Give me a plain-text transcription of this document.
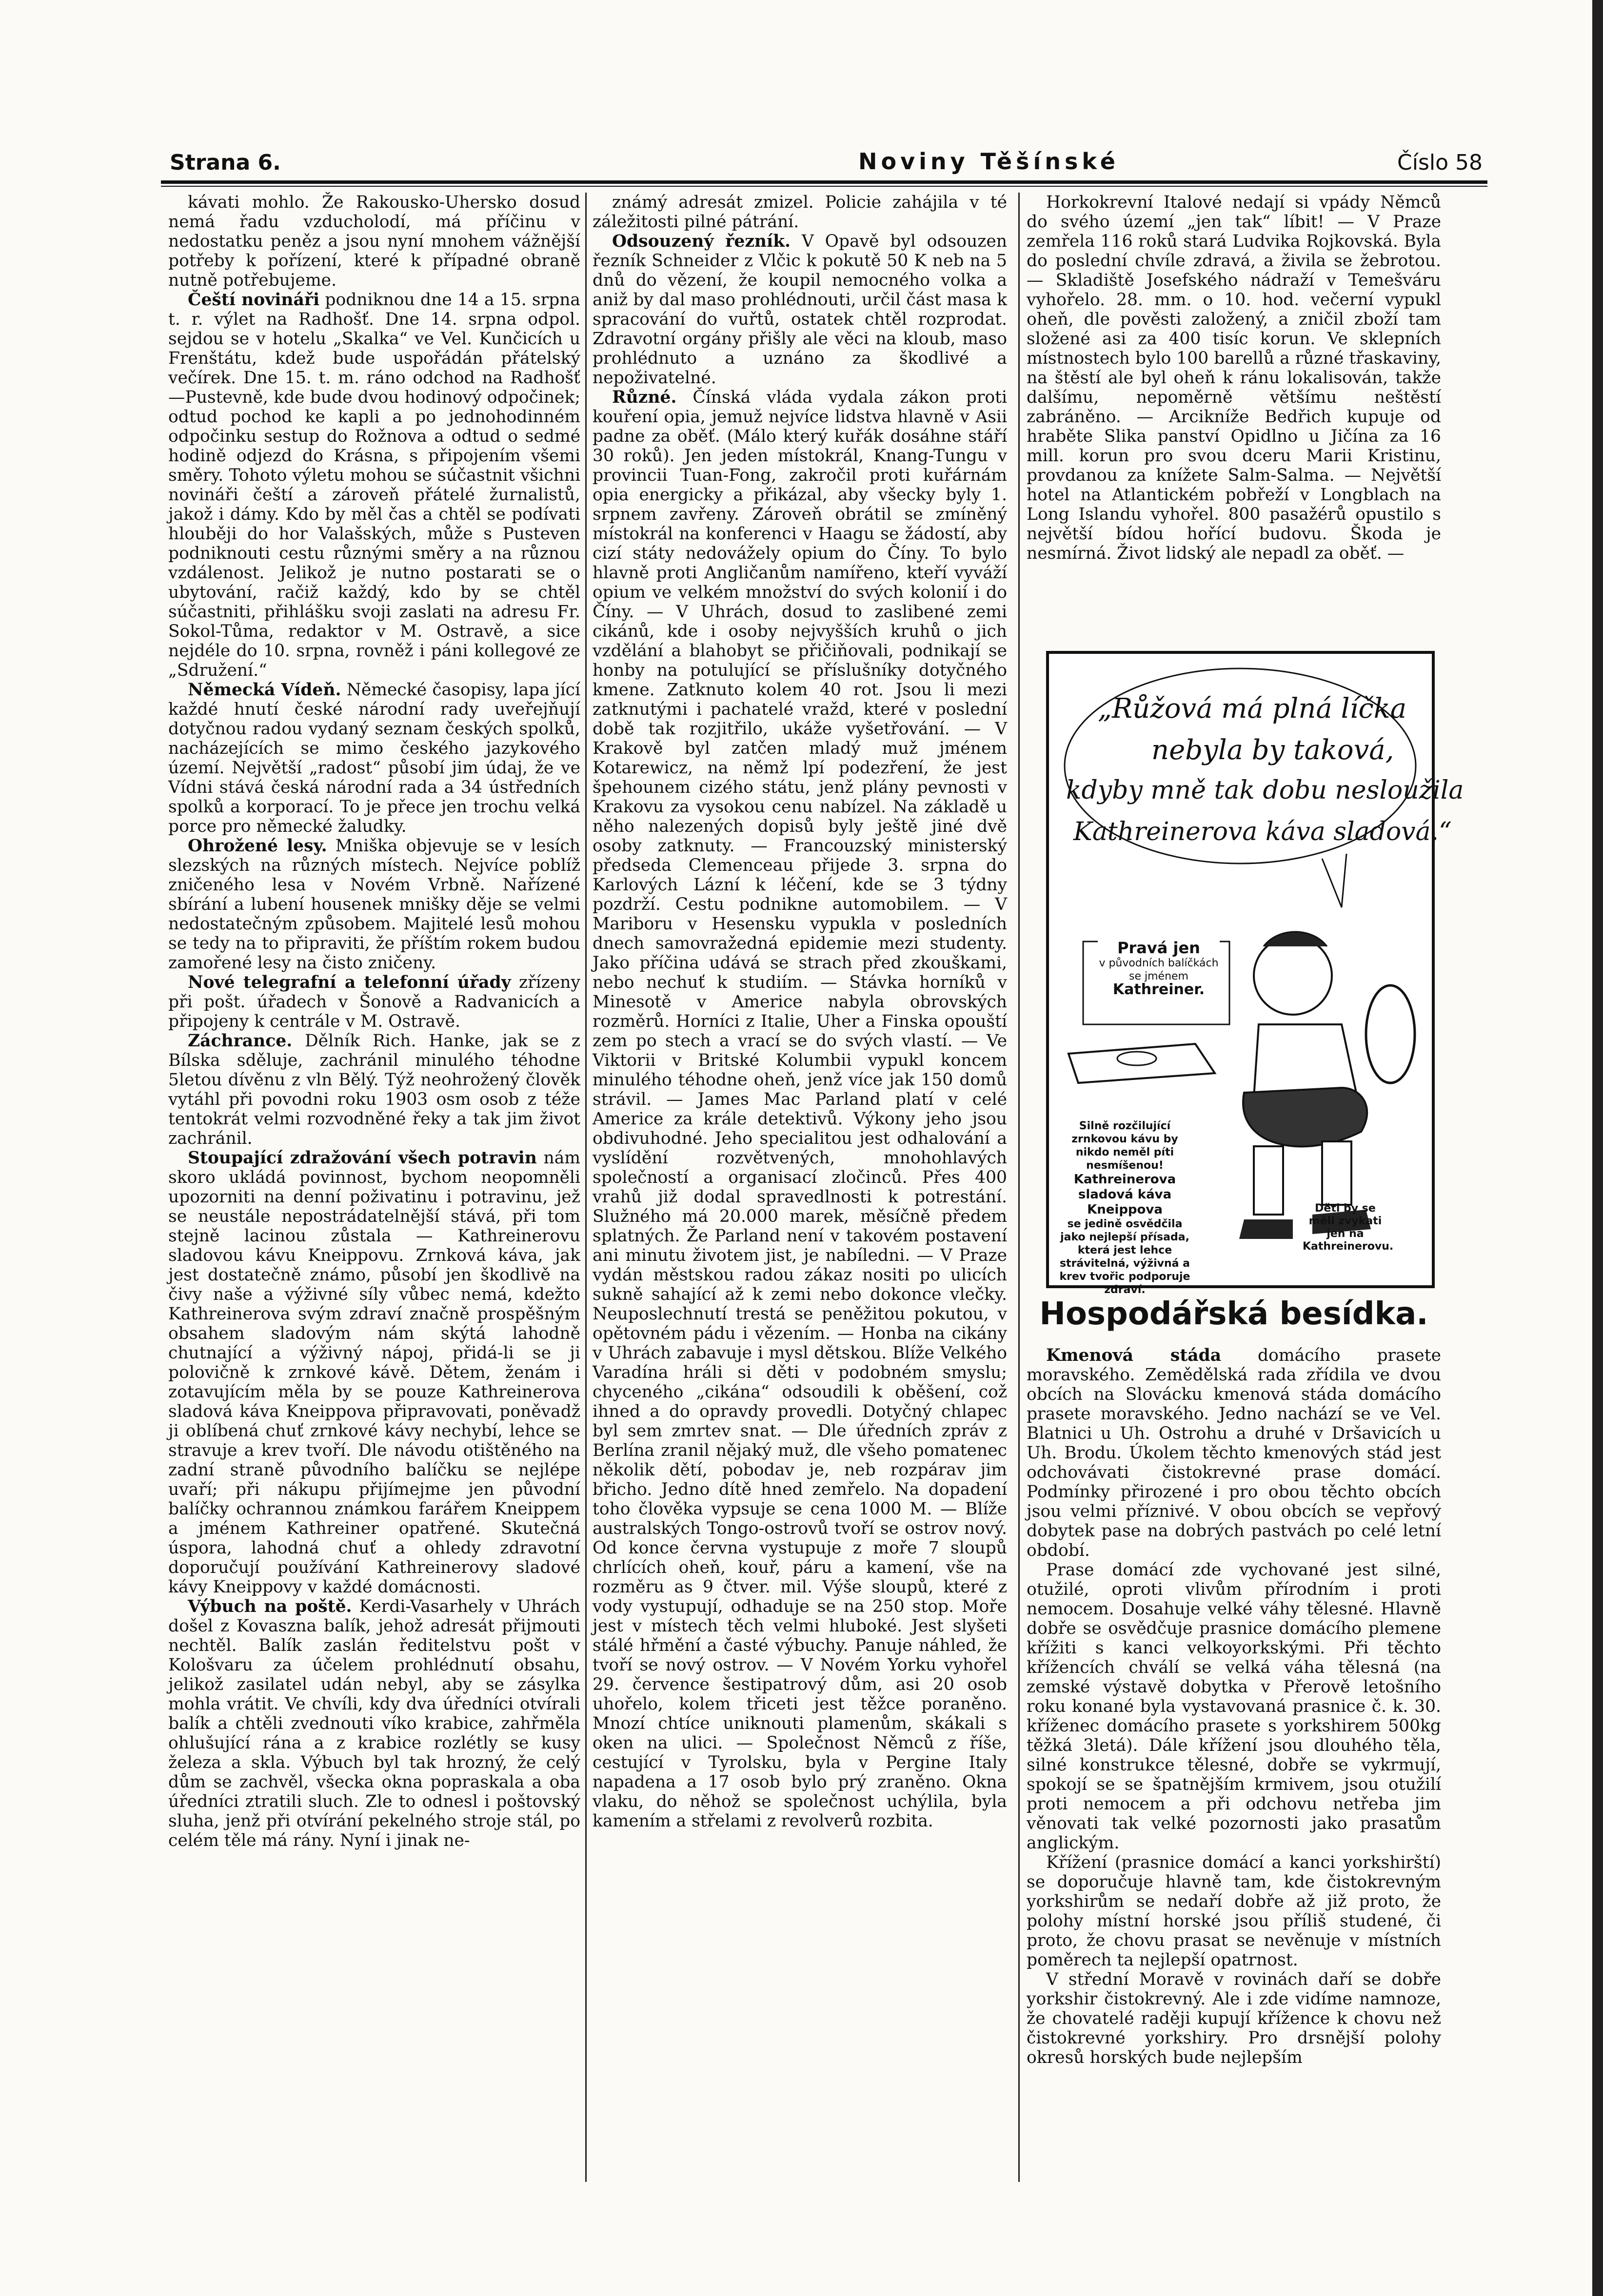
Strana 6.	Noviny Těšínské	Číslo 58

kávati mohlo. Že Rakousko-Uhersko dosud nemá řadu vzducholodí, má příčinu v nedostatku peněz a jsou nyní mnohem vážnější potřeby k pořízení, které k případné obraně nutně potřebujeme.

Čeští novináři podniknou dne 14 a 15. srpna t. r. výlet na Radhošť. Dne 14. srpna odpol. sejdou se v hotelu „Skalka“ ve Vel. Kunčicích u Frenštátu, kdež bude uspořádán přátelský večírek. Dne 15. t. m. ráno odchod na Radhošť—Pustevně, kde bude dvou hodinový odpočinek; odtud pochod ke kapli a po jednohodinném odpočinku sestup do Rožnova a odtud o sedmé hodině odjezd do Krásna, s připojením všemi směry. Tohoto výletu mohou se súčastnit všichni novináři čeští a zároveň přátelé žurnalistů, jakož i dámy. Kdo by měl čas a chtěl se podívati hlouběji do hor Valašských, může s Pusteven podniknouti cestu různými směry a na různou vzdálenost. Jelikož je nutno postarati se o ubytování, račiž každý, kdo by se chtěl súčastniti, přihlášku svoji zaslati na adresu Fr. Sokol-Tůma, redaktor v M. Ostravě, a sice nejdéle do 10. srpna, rovněž i páni kollegové ze „Sdružení.“

Německá Vídeň. Německé časopisy, lapa jící každé hnutí české národní rady uveřejňují dotyčnou radou vydaný seznam českých spolků, nacházejících se mimo českého jazykového území. Největší „radost“ působí jim údaj, že ve Vídni stává česká národní rada a 34 ústředních spolků a korporací. To je přece jen trochu velká porce pro německé žaludky.

Ohrožené lesy. Mniška objevuje se v lesích slezských na různých místech. Nejvíce poblíž zničeného lesa v Novém Vrbně. Nařízené sbírání a lubení housenek mnišky děje se velmi nedostatečným způsobem. Majitelé lesů mohou se tedy na to připraviti, že příštím rokem budou zamořené lesy na čisto zničeny.

Nové telegrafní a telefonní úřady zřízeny při pošt. úřadech v Šonově a Radvanicích a připojeny k centrále v M. Ostravě.

Záchrance. Dělník Rich. Hanke, jak se z Bílska sděluje, zachránil minulého téhodne 5letou dívěnu z vln Bělý. Týž neohrožený člověk vytáhl při povodni roku 1903 osm osob z téže tentokrát velmi rozvodněné řeky a tak jim život zachránil.

Stoupající zdražování všech potravin nám skoro ukládá povinnost, bychom neopomněli upozorniti na denní poživatinu i potravinu, jež se neustále nepostrádatelnější stává, při tom stejně lacinou zůstala — Kathreinerovu sladovou kávu Kneippovu. Zrnková káva, jak jest dostatečně známo, působí jen škodlivě na čivy naše a výživné síly vůbec nemá, kdežto Kathreinerova svým zdraví značně prospěšným obsahem sladovým nám skýtá lahodně chutnající a výživný nápoj, přidá-li se ji polovičně k zrnkové kávě. Dětem, ženám i zotavujícím měla by se pouze Kathreinerova sladová káva Kneippova připravovati, poněvadž ji oblíbená chuť zrnkové kávy nechybí, lehce se stravuje a krev tvoří. Dle návodu otištěného na zadní straně původního balíčku se nejlépe uvaří; při nákupu přijímejme jen původní balíčky ochrannou známkou farářem Kneippem a jménem Kathreiner opatřené. Skutečná úspora, lahodná chuť a ohledy zdravotní doporučují používání Kathreinerovy sladové kávy Kneippovy v každé domácnosti.

Výbuch na poště. Kerdi-Vasarhely v Uhrách došel z Kovaszna balík, jehož adresát přijmouti nechtěl. Balík zaslán ředitelstvu pošt v Kološvaru za účelem prohlédnutí obsahu, jelikož zasilatel udán nebyl, aby se zásylka mohla vrátit. Ve chvíli, kdy dva úředníci otvírali balík a chtěli zvednouti víko krabice, zahřměla ohlušující rána a z krabice rozlétly se kusy železa a skla. Výbuch byl tak hrozný, že celý dům se zachvěl, všecka okna popraskala a oba úředníci ztratili sluch. Zle to odnesl i poštovský sluha, jenž při otvírání pekelného stroje stál, po celém těle má rány. Nyní i jinak ne-

známý adresát zmizel. Policie zahájila v té záležitosti pilné pátrání.

Odsouzený řezník. V Opavě byl odsouzen řezník Schneider z Vlčic k pokutě 50 K neb na 5 dnů do vězení, že koupil nemocného volka a aniž by dal maso prohlédnouti, určil část masa k spracování do vuřtů, ostatek chtěl rozprodat. Zdravotní orgány přišly ale věci na kloub, maso prohlédnuto a uznáno za škodlivé a nepoživatelné.

Různé. Čínská vláda vydala zákon proti kouření opia, jemuž nejvíce lidstva hlavně v Asii padne za oběť. (Málo který kuřák dosáhne stáří 30 roků). Jen jeden místokrál, Knang-Tungu v provincii Tuan-Fong, zakročil proti kuřárnám opia energicky a přikázal, aby všecky byly 1. srpnem zavřeny. Zároveň obrátil se zmíněný místokrál na konferenci v Haagu se žádostí, aby cizí státy nedovážely opium do Číny. To bylo hlavně proti Angličanům namířeno, kteří vyváží opium ve velkém množství do svých kolonií i do Číny. — V Uhrách, dosud to zaslibené zemi cikánů, kde i osoby nejvyšších kruhů o jich vzdělání a blahobyt se přičiňovali, podnikají se honby na potulující se příslušníky dotyčného kmene. Zatknuto kolem 40 rot. Jsou li mezi zatknutými i pachatelé vražd, které v poslední době tak rozjitřilo, ukáže vyšetřování. — V Krakově byl zatčen mladý muž jménem Kotarewicz, na němž lpí podezření, že jest špehounem cizého státu, jenž plány pevnosti v Krakovu za vysokou cenu nabízel. Na základě u něho nalezených dopisů byly ještě jiné dvě osoby zatknuty. — Francouzský ministerský předseda Clemenceau přijede 3. srpna do Karlových Lázní k léčení, kde se 3 týdny pozdrží. Cestu podnikne automobilem. — V Mariboru v Hesensku vypukla v posledních dnech samovražedná epidemie mezi studenty. Jako příčina udává se strach před zkouškami, nebo nechuť k studiím. — Stávka horníků v Minesotě v Americe nabyla obrovských rozměrů. Horníci z Italie, Uher a Finska opouští zem po stech a vrací se do svých vlastí. — Ve Viktorii v Britské Kolumbii vypukl koncem minulého téhodne oheň, jenž více jak 150 domů strávil. — James Mac Parland platí v celé Americe za krále detektivů. Výkony jeho jsou obdivuhodné. Jeho specialitou jest odhalování a vyslídění rozvětvených, mnohohlavých společností a organisací zločinců. Přes 400 vrahů již dodal spravedlnosti k potrestání. Služného má 20.000 marek, měsíčně předem splatných. Že Parland není v takovém postavení ani minutu životem jist, je nabíledni. — V Praze vydán městskou radou zákaz nositi po ulicích sukně sahající až k zemi nebo dokonce vlečky. Neuposlechnutí trestá se peněžitou pokutou, v opětovném pádu i vězením. — Honba na cikány v Uhrách zabavuje i mysl dětskou. Blíže Velkého Varadína hráli si děti v podobném smyslu; chyceného „cikána“ odsoudili k oběšení, což ihned a do opravdy provedli. Dotyčný chlapec byl sem zmrtev snat. — Dle úředních zpráv z Berlína zranil nějaký muž, dle všeho pomatenec několik dětí, pobodav je, neb rozpárav jim břicho. Jedno dítě hned zemřelo. Na dopadení toho člověka vypsuje se cena 1000 M. — Blíže australských Tongo-ostrovů tvoří se ostrov nový. Od konce června vystupuje z moře 7 sloupů chrlících oheň, kouř, páru a kamení, vše na rozměru as 9 čtver. mil. Výše sloupů, které z vody vystupují, odhaduje se na 250 stop. Moře jest v místech těch velmi hluboké. Jest slyšeti stálé hřmění a časté výbuchy. Panuje náhled, že tvoří se nový ostrov. — V Novém Yorku vyhořel 29. července šestipatrový dům, asi 20 osob uhořelo, kolem třiceti jest těžce poraněno. Mnozí chtíce uniknouti plamenům, skákali s oken na ulici. — Společnost Němců z říše, cestující v Tyrolsku, byla v Pergine Italy napadena a 17 osob bylo prý zraněno. Okna vlaku, do něhož se společnost uchýlila, byla kamením a střelami z revolverů rozbita.

Horkokrevní Italové nedají si vpády Němců do svého území „jen tak“ líbit! — V Praze zemřela 116 roků stará Ludvika Rojkovská. Byla do poslední chvíle zdravá, a živila se žebrotou. — Skladiště Josefského nádraží v Temešváru vyhořelo. 28. mm. o 10. hod. večerní vypukl oheň, dle pověsti založený, a zničil zboží tam složené asi za 400 tisíc korun. Ve sklepních místnostech bylo 100 barellů a různé třaskaviny, na štěstí ale byl oheň k ránu lokalisován, takže dalšímu, nepoměrně většímu neštěstí zabráněno. — Arcikníže Bedřich kupuje od hraběte Slika panství Opidlno u Jičína za 16 mill. korun pro svou dceru Marii Kristinu, provdanou za knížete Salm-Salma. — Největší hotel na Atlantickém pobřeží v Longblach na Long Islandu vyhořel. 800 pasažérů opustilo s největší bídou hořící budovu. Škoda je nesmírná. Život lidský ale nepadl za oběť. —

„Růžová má plná líčka
nebyla by taková,
kdyby mně tak dobu nesloužila
Kathreinerova káva sladová.“
Pravá jen
v původních balíčkách se jménem
Kathreiner.
Silně rozčilující zrnkovou kávu by nikdo neměl píti nesmíšenou!
Kathreinerova sladová káva Kneippova
se jedině osvědčila jako nejlepší přísada, která jest lehce strávitelná, výživná a krev tvořic podporuje zdraví.
Děti by se měli zvykati jen na Kathreinerovu.
Hospodářská besídka.

Kmenová stáda domácího prasete moravského. Zemědělská rada zřídila ve dvou obcích na Slovácku kmenová stáda domácího prasete moravského. Jedno nachází se ve Vel. Blatnici u Uh. Ostrohu a druhé v Dršavicích u Uh. Brodu. Úkolem těchto kmenových stád jest odchovávati čistokrevné prase domácí. Podmínky přirozené i pro obou těchto obcích jsou velmi příznivé. V obou obcích se vepřový dobytek pase na dobrých pastvách po celé letní období.

Prase domácí zde vychované jest silné, otužilé, oproti vlivům přírodním i proti nemocem. Dosahuje velké váhy tělesné. Hlavně dobře se osvědčuje prasnice domácího plemene křížiti s kanci velkoyorkskými. Při těchto křížencích chválí se velká váha tělesná (na zemské výstavě dobytka v Přerově letošního roku konané byla vystavovaná prasnice č. k. 30. kříženec domácího prasete s yorkshirem 500kg těžká 3letá). Dále křížení jsou dlouhého těla, silné konstrukce tělesné, dobře se vykrmují, spokojí se se špatnějším krmivem, jsou otužilí proti nemocem a při odchovu netřeba jim věnovati tak velké pozornosti jako prasatům anglickým.

Křížení (prasnice domácí a kanci yorkshirští) se doporučuje hlavně tam, kde čistokrevným yorkshirům se nedaří dobře až již proto, že polohy místní horské jsou příliš studené, či proto, že chovu prasat se nevěnuje v místních poměrech ta nejlepší opatrnost.

V střední Moravě v rovinách daří se dobře yorkshir čistokrevný. Ale i zde vidíme namnoze, že chovatelé raději kupují křížence k chovu než čistokrevné yorkshiry. Pro drsnější polohy okresů horských bude nejlepším
